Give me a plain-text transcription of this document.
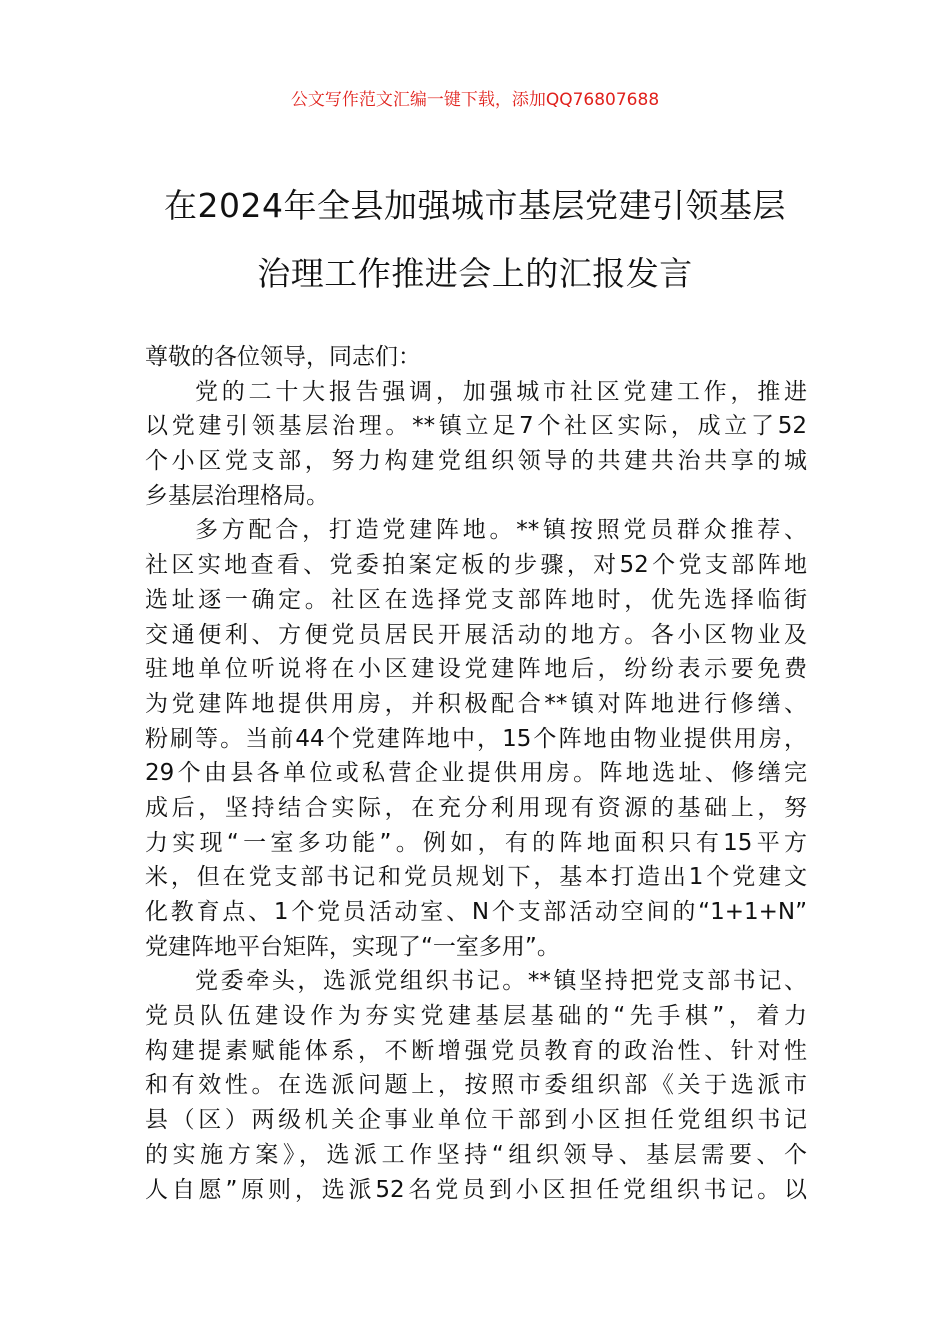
公文写作范文汇编一键下载，添加QQ76807688
在2024年全县加强城市基层党建引领基层
治理工作推进会上的汇报发言
尊敬的各位领导，同志们：
党的二十大报告强调，加强城市社区党建工作，推进
以党建引领基层治理。**镇立足7个社区实际，成立了52
个小区党支部，努力构建党组织领导的共建共治共享的城
乡基层治理格局。
多方配合，打造党建阵地。**镇按照党员群众推荐、
社区实地查看、党委拍案定板的步骤，对52个党支部阵地
选址逐一确定。社区在选择党支部阵地时，优先选择临街
交通便利、方便党员居民开展活动的地方。各小区物业及
驻地单位听说将在小区建设党建阵地后，纷纷表示要免费
为党建阵地提供用房，并积极配合**镇对阵地进行修缮、
粉刷等。当前44个党建阵地中，15个阵地由物业提供用房，
29个由县各单位或私营企业提供用房。阵地选址、修缮完
成后，坚持结合实际，在充分利用现有资源的基础上，努
力实现“一室多功能”。例如，有的阵地面积只有15平方
米，但在党支部书记和党员规划下，基本打造出1个党建文
化教育点、1个党员活动室、N个支部活动空间的“1+1+N”
党建阵地平台矩阵，实现了“一室多用”。
党委牵头，选派党组织书记。**镇坚持把党支部书记、
党员队伍建设作为夯实党建基层基础的“先手棋”，着力
构建提素赋能体系，不断增强党员教育的政治性、针对性
和有效性。在选派问题上，按照市委组织部《关于选派市
县（区）两级机关企事业单位干部到小区担任党组织书记
的实施方案》，选派工作坚持“组织领导、基层需要、个
人自愿”原则，选派52名党员到小区担任党组织书记。以
